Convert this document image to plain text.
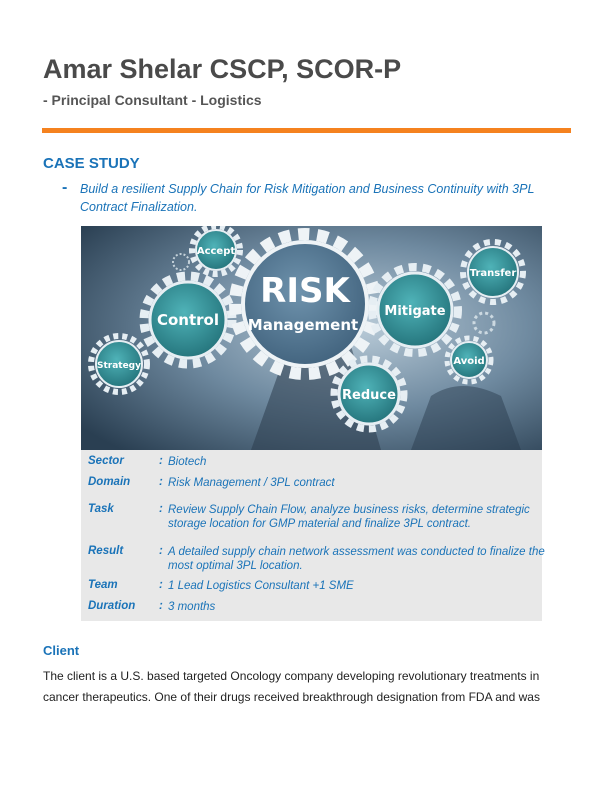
Amar Shelar CSCP, SCOR-P
- Principal Consultant - Logistics
CASE STUDY
- Build a resilient Supply Chain for Risk Mitigation and Business Continuity with 3PL Contract Finalization.
RISK
Management
Control
Accept
Strategy
Mitigate
Transfer
Avoid
Reduce
Sector	: Biotech
Domain	: Risk Management / 3PL contract
Task	: Review Supply Chain Flow, analyze business risks, determine strategic storage location for GMP material and finalize 3PL contract.
Result	: A detailed supply chain network assessment was conducted to finalize the most optimal 3PL location.
Team	: 1 Lead Logistics Consultant +1 SME
Duration	: 3 months
Client
The client is a U.S. based targeted Oncology company developing revolutionary treatments in cancer therapeutics. One of their drugs received breakthrough designation from FDA and was
